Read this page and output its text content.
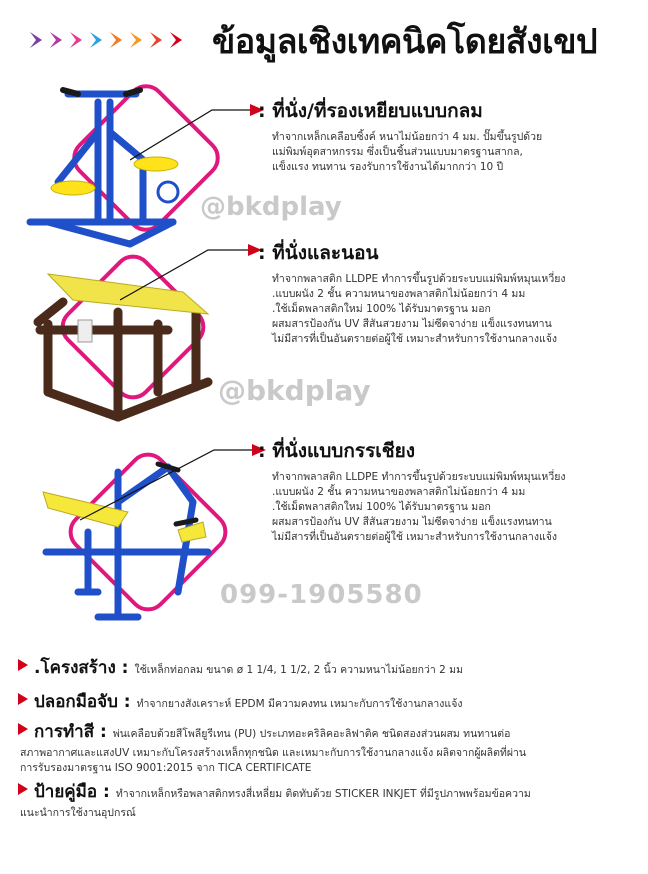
ข้อมูลเชิงเทคนิคโดยสังเขป
@bkdplay
@bkdplay
099-1905580
: ที่นั่ง/ที่รองเหยียบแบบกลม
ทำจากเหล็กเคลือบซิ้งค์ หนาไม่น้อยกว่า 4 มม. ปั๊มขึ้นรูปด้วย
แม่พิมพ์อุตสาหกรรม ซึ่งเป็นชิ้นส่วนแบบมาตรฐานสากล,
แข็งแรง ทนทาน รองรับการใช้งานได้มากกว่า 10 ปี
: ที่นั่งและนอน
ทำจากพลาสติก LLDPE ทำการขึ้นรูปด้วยระบบแม่พิมพ์หมุนเหวี่ยง
.แบบผนัง 2 ชั้น ความหนาของพลาสติกไม่น้อยกว่า 4 มม
.ใช้เม็ดพลาสติกใหม่ 100% ได้รับมาตรฐาน มอก
ผสมสารป้องกัน UV สีสันสวยงาม ไม่ซีดจาง่าย แข็งแรงทนทาน
ไม่มีสารที่เป็นอันตรายต่อผู้ใช้ เหมาะสำหรับการใช้งานกลางแจ้ง
: ที่นั่งแบบกรรเชียง
ทำจากพลาสติก LLDPE ทำการขึ้นรูปด้วยระบบแม่พิมพ์หมุนเหวี่ยง
.แบบผนัง 2 ชั้น ความหนาของพลาสติกไม่น้อยกว่า 4 มม
.ใช้เม็ดพลาสติกใหม่ 100% ได้รับมาตรฐาน มอก
ผสมสารป้องกัน UV สีสันสวยงาม ไม่ซีดจาง่าย แข็งแรงทนทาน
ไม่มีสารที่เป็นอันตรายต่อผู้ใช้ เหมาะสำหรับการใช้งานกลางแจ้ง
.โครงสร้าง : ใช้เหล็กท่อกลม ขนาด ø 1 1/4, 1 1/2, 2 นิ้ว ความหนาไม่น้อยกว่า 2 มม
ปลอกมือจับ : ทำจากยางสังเคราะห์ EPDM มีความคงทน เหมาะกับการใช้งานกลางแจ้ง
การทำสี : พ่นเคลือบด้วยสีโพลียูรีเทน (PU) ประเภทอะคริลิคอะลิฟาติค ชนิดสองส่วนผสม ทนทานต่อ
สภาพอากาศและแสงUV เหมาะกับโครงสร้างเหล็กทุกชนิด และเหมาะกับการใช้งานกลางแจ้ง ผลิตจากผู้ผลิตที่ผ่าน
การรับรองมาตรฐาน ISO 9001:2015 จาก TICA CERTIFICATE
ป้ายคู่มือ : ทำจากเหล็กหรือพลาสติกทรงสี่เหลี่ยม ติดทับด้วย STICKER INKJET ที่มีรูปภาพพร้อมข้อความ
แนะนำการใช้งานอุปกรณ์
